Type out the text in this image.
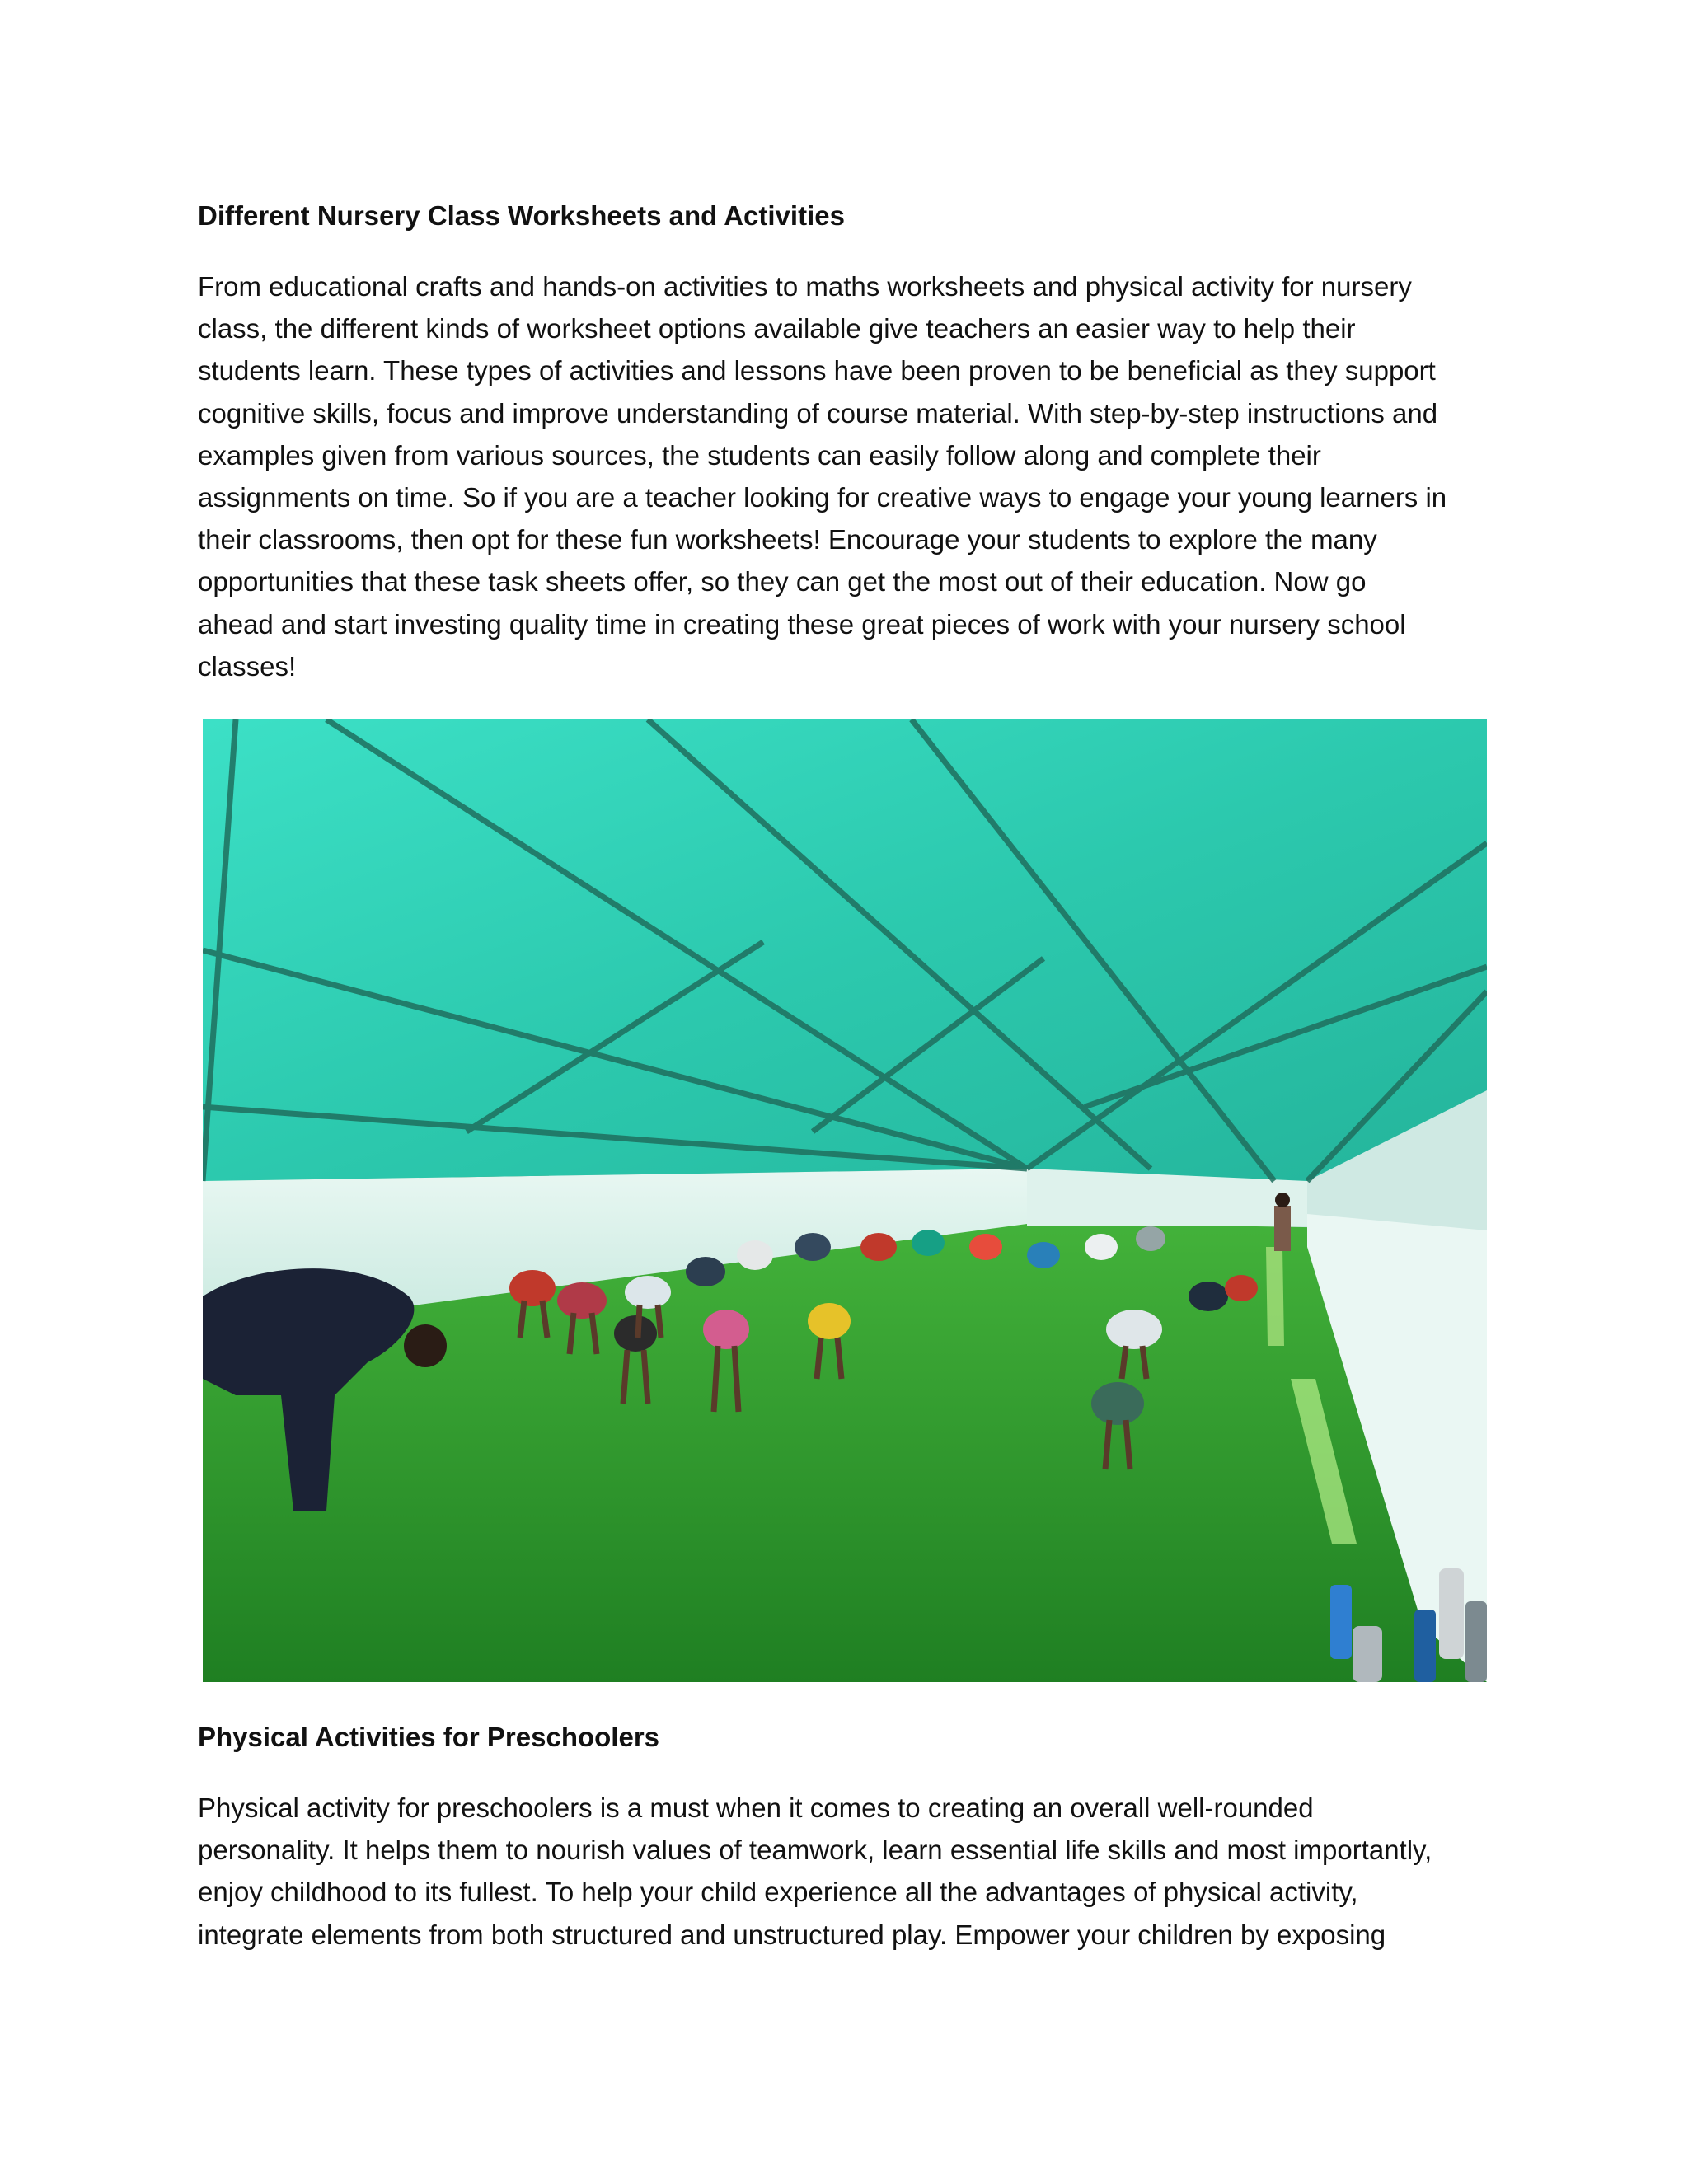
Different Nursery Class Worksheets and Activities

From educational crafts and hands-on activities to maths worksheets and physical activity for nursery
class, the different kinds of worksheet options available give teachers an easier way to help their
students learn. These types of activities and lessons have been proven to be beneficial as they support
cognitive skills, focus and improve understanding of course material. With step-by-step instructions and
examples given from various sources, the students can easily follow along and complete their
assignments on time. So if you are a teacher looking for creative ways to engage your young learners in
their classrooms, then opt for these fun worksheets! Encourage your students to explore the many
opportunities that these task sheets offer, so they can get the most out of their education. Now go
ahead and start investing quality time in creating these great pieces of work with your nursery school
classes!

Physical Activities for Preschoolers

Physical activity for preschoolers is a must when it comes to creating an overall well-rounded
personality. It helps them to nourish values of teamwork, learn essential life skills and most importantly,
enjoy childhood to its fullest. To help your child experience all the advantages of physical activity,
integrate elements from both structured and unstructured play. Empower your children by exposing
